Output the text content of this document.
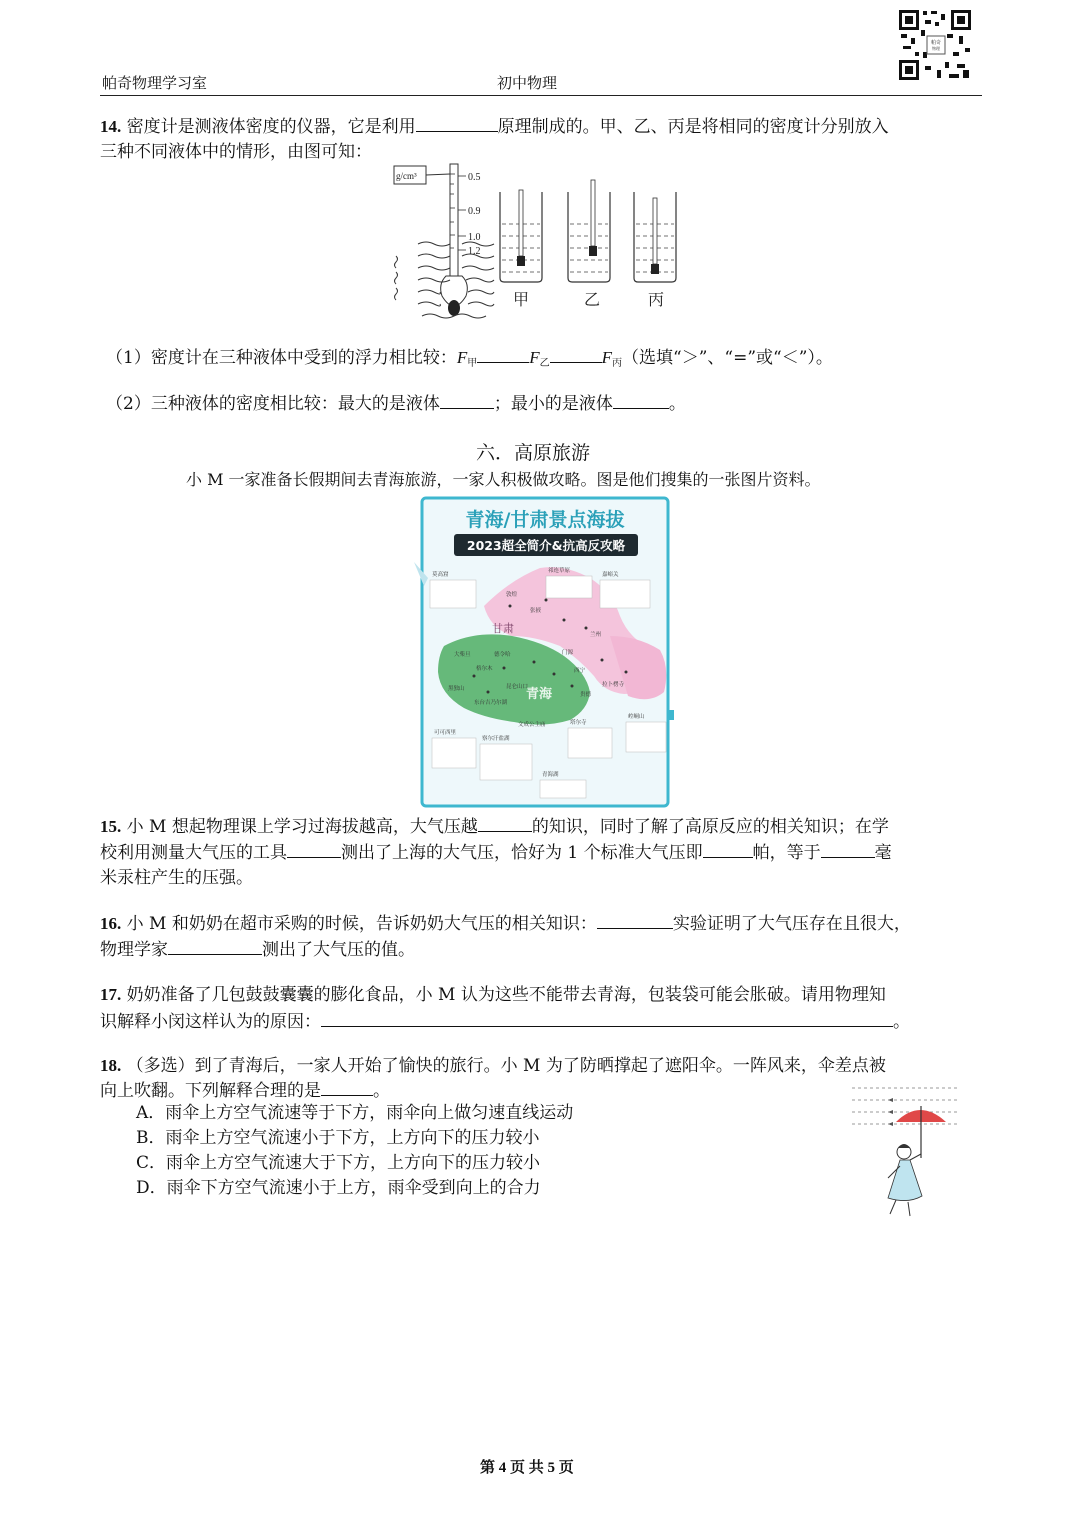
帕奇
物理
帕奇物理学习室	初中物理
14. 密度计是测液体密度的仪器，它是利用	原理制成的。甲、乙、丙是将相同的密度计分别放入
三种不同液体中的情形，由图可知：
g/cm³	0.5
0.9
1.0
1.2
甲	乙	丙
（1）密度计在三种液体中受到的浮力相比较：$F_甲$	$F_乙$	$F_丙$（选填“＞”、“=”或“＜”）。
（2）三种液体的密度相比较：最大的是液体	；最小的是液体	。
六．高原旅游
小 M 一家准备长假期间去青海旅游，一家人积极做攻略。图是他们搜集的一张图片资料。
青海/甘肃景点海拔
2023超全简介&抗高反攻略
甘肃
青海
莫高窟
祁连草原
嘉峪关
青海湖
塔尔寺
崆峒山
可可西里
察尔汗盐湖
德令哈
格尔木	西宁
兰州
张掖
敦煌
昆仑山口
大柴旦
黑独山
东台吉乃尔湖
文成公主庙
门源
贵德
拉卜楞寺
15. 小 M 想起物理课上学习过海拔越高，大气压越	的知识，同时了解了高原反应的相关知识；在学
校利用测量大气压的工具	测出了上海的大气压，恰好为 1 个标准大气压即	帕，等于	毫
米汞柱产生的压强。
16. 小 M 和奶奶在超市采购的时候，告诉奶奶大气压的相关知识：	实验证明了大气压存在且很大，
物理学家	测出了大气压的值。
17. 奶奶准备了几包鼓鼓囊囊的膨化食品，小 M 认为这些不能带去青海，包装袋可能会胀破。请用物理知
识解释小闵这样认为的原因：	。
18. （多选）到了青海后，一家人开始了愉快的旅行。小 M 为了防晒撑起了遮阳伞。一阵风来，伞差点被
向上吹翻。下列解释合理的是	。
A．雨伞上方空气流速等于下方，雨伞向上做匀速直线运动
B．雨伞上方空气流速小于下方，上方向下的压力较小
C．雨伞上方空气流速大于下方，上方向下的压力较小
D．雨伞下方空气流速小于上方，雨伞受到向上的合力
第 4 页 共 5 页
